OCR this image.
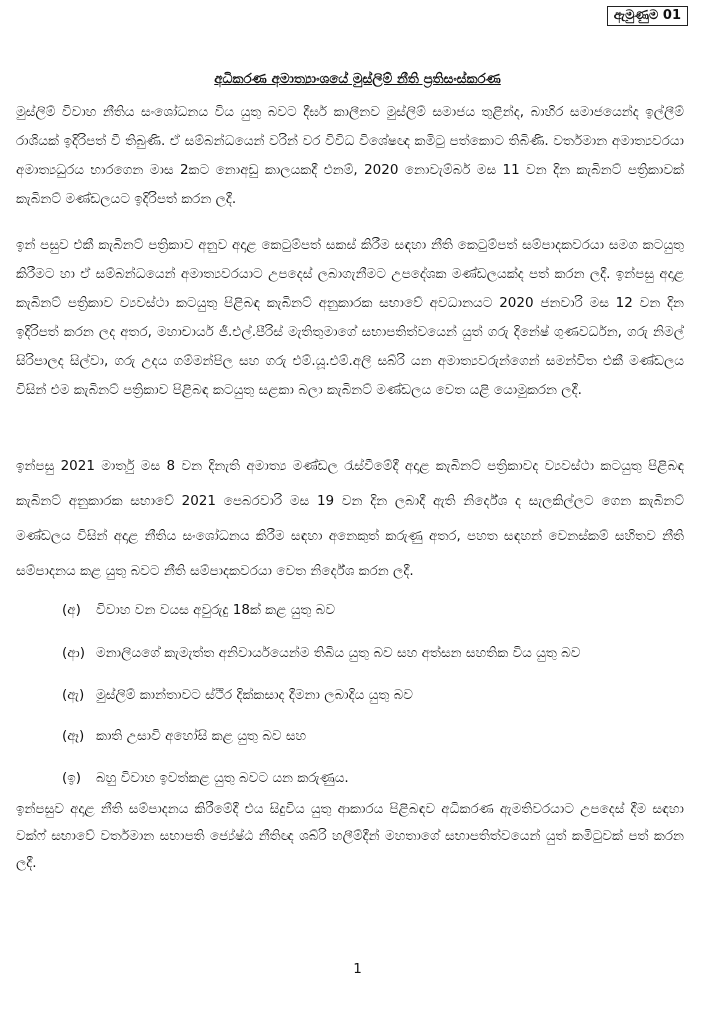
ඇමුණුම 01
අධිකරණ අමාත්‍යාංශයේ මුස්ලිම් නීති ප්‍රතිසංස්කරණ

මුස්ලිම් විවාහ නීතිය සංශෝධනය විය යුතු බවට දීර්ඝ කාලීනව මුස්ලිම් සමාජය තුළින්ද, බාහිර සමාජයෙන්ද ඉල්ලීම් රාශියක් ඉදිරිපත් වී තිබුණි. ඒ සම්බන්ධයෙන් වරින් වර විවිධ විශේෂඥ කමිටු පත්කොට තිබිණි. වර්තමාන අමාත්‍යවරයා අමාත්‍යධුරය භාරගෙන මාස 2කට නොඅඩු කාලයකදී එනම්, 2020 නොවැම්බර් මස 11 වන දින කැබිනට් පත්‍රිකාවක් කැබිනට් මණ්ඩලයට ඉදිරිපත් කරන ලදී.

ඉන් පසුව එකී කැබිනට් පත්‍රිකාව අනුව අදාළ කෙටුම්පත් සකස් කිරීම සඳහා නීති කෙටුම්පත් සම්පාදකවරයා සමග කටයුතු කිරීමට හා ඒ සම්බන්ධයෙන් අමාත්‍යවරයාට උපදෙස් ලබාගැනීමට උපදේශක මණ්ඩලයක්ද පත් කරන ලදී. ඉන්පසු අදාළ කැබිනට් පත්‍රිකාව ව්‍යවස්ථා කටයුතු පිළිබඳ කැබිනට් අනුකාරක සභාවේ අවධානයට 2020 ජනවාරි මස 12 වන දින ඉදිරිපත් කරන ලද අතර, මහාචාර්ය ජී.එල්.පීරිස් මැතිතුමාගේ සභාපතිත්වයෙන් යුත් ගරු දිනේෂ් ගුණවර්ධන, ගරු නිමල් සිරිපාලද සිල්වා, ගරු උදය ගම්මන්පිල සහ ගරු එම්.යූ.එම්.අලි සබ්රි යන අමාත්‍යවරුන්ගෙන් සමන්විත එකී මණ්ඩලය විසින් එම කැබිනට් පත්‍රිකාව පිළිබඳ කටයුතු සළකා බලා කැබිනට් මණ්ඩලය වෙත යළි යොමුකරන ලදී.

ඉන්පසු 2021 මාර්තු මස 8 වන දිනැති අමාත්‍ය මණ්ඩල රැස්වීමේදී අදාළ කැබිනට් පත්‍රිකාවද ව්‍යවස්ථා කටයුතු පිළිබඳ කැබිනට් අනුකාරක සභාවේ 2021 පෙබරවාරි මස 19 වන දින ලබාදී ඇති නිර්දේශ ද සැලකිල්ලට ගෙන කැබිනට් මණ්ඩලය විසින් අදාළ නීතිය සංශෝධනය කිරීම සඳහා අනෙකුත් කරුණු අතර, පහත සඳහන් වෙනස්කම් සහිතව නීති සම්පාදනය කළ යුතු බවට නීති සම්පාදකවරයා වෙත නිර්දේශ කරන ලදී.

(අ) විවාහ වන වයස අවුරුදු 18ක් කළ යුතු බව
(ආ) මනාලියගේ කැමැත්ත අනිවාර්යයෙන්ම තිබිය යුතු බව සහ අත්සන සහතික විය යුතු බව
(ඇ) මුස්ලිම් කාන්තාවට ස්ථිර දික්කසාද දීමනා ලබාදිය යුතු බව
(ඈ) කාති උසාවි අහෝසි කළ යුතු බව සහ
(ඉ) බහු විවාහ ඉවත්කළ යුතු බවට යන කරුණුය.

ඉන්පසුව අදාළ නීති සම්පාදනය කිරීමේදී එය සිදුවිය යුතු ආකාරය පිළිබඳව අධිකරණ ඇමතිවරයාට උපදෙස් දීම සඳහා වක්ෆ් සභාවේ වර්තමාන සභාපති ජ්‍යේෂ්ඨ නීතිඥ ශබ්රි හලීම්දීන් මහතාගේ සභාපතිත්වයෙන් යුත් කමිටුවක් පත් කරන ලදී.

1
